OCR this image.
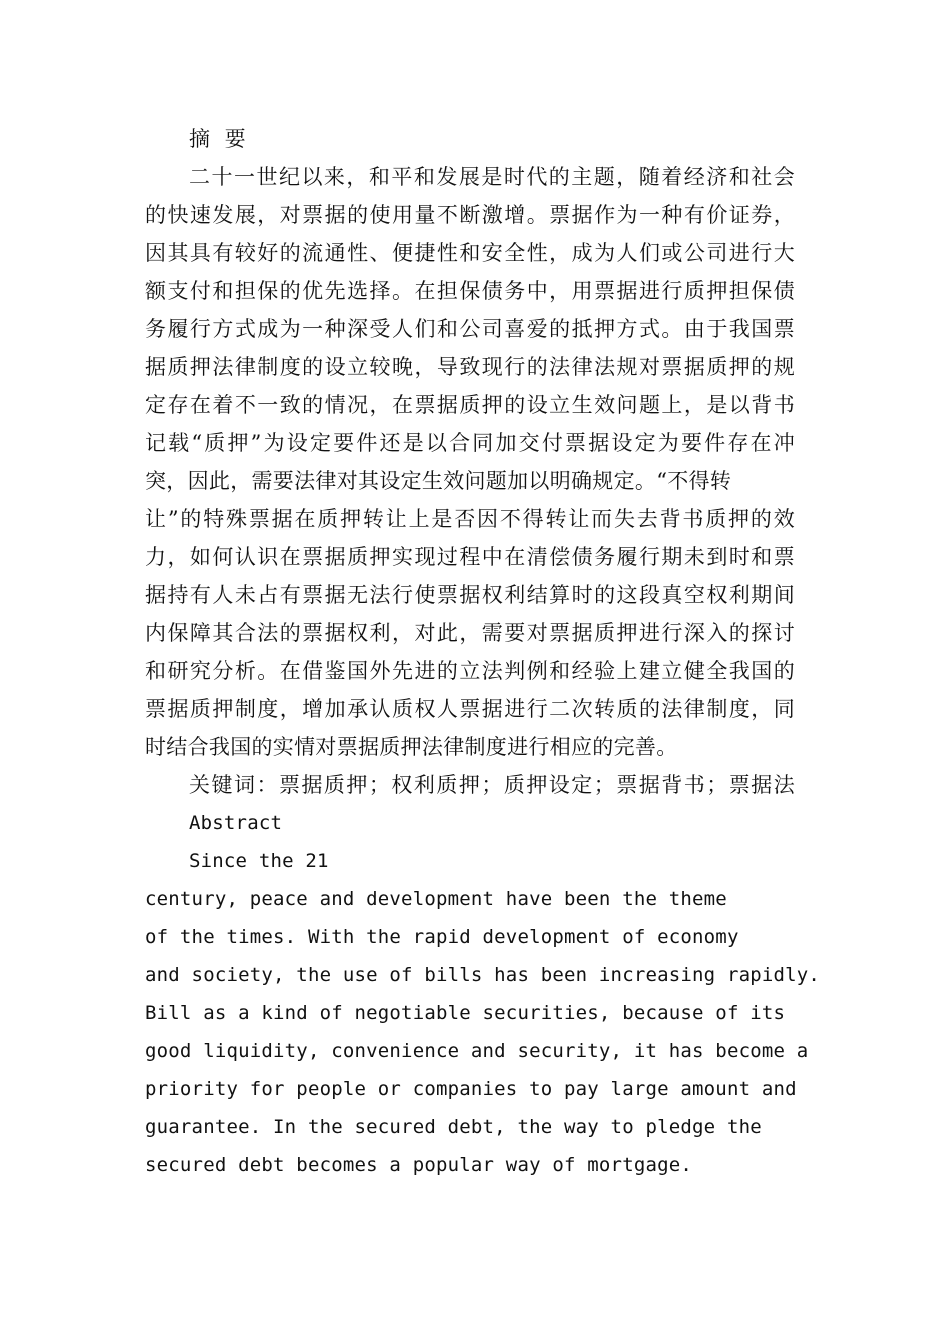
摘 要
二十一世纪以来，和平和发展是时代的主题，随着经济和社会
的快速发展，对票据的使用量不断激增。票据作为一种有价证券，
因其具有较好的流通性、便捷性和安全性，成为人们或公司进行大
额支付和担保的优先选择。在担保债务中，用票据进行质押担保债
务履行方式成为一种深受人们和公司喜爱的抵押方式。由于我国票
据质押法律制度的设立较晚，导致现行的法律法规对票据质押的规
定存在着不一致的情况，在票据质押的设立生效问题上，是以背书
记载“质押”为设定要件还是以合同加交付票据设定为要件存在冲
突，因此，需要法律对其设定生效问题加以明确规定。“不得转
让”的特殊票据在质押转让上是否因不得转让而失去背书质押的效
力，如何认识在票据质押实现过程中在清偿债务履行期未到时和票
据持有人未占有票据无法行使票据权利结算时的这段真空权利期间
内保障其合法的票据权利，对此，需要对票据质押进行深入的探讨
和研究分析。在借鉴国外先进的立法判例和经验上建立健全我国的
票据质押制度，增加承认质权人票据进行二次转质的法律制度，同
时结合我国的实情对票据质押法律制度进行相应的完善。
关键词：票据质押；权利质押；质押设定；票据背书；票据法
Abstract
Since the 21
century, peace and development have been the theme
of the times. With the rapid development of economy
and society, the use of bills has been increasing rapidly.
Bill as a kind of negotiable securities, because of its
good liquidity, convenience and security, it has become a
priority for people or companies to pay large amount and
guarantee. In the secured debt, the way to pledge the
secured debt becomes a popular way of mortgage.
